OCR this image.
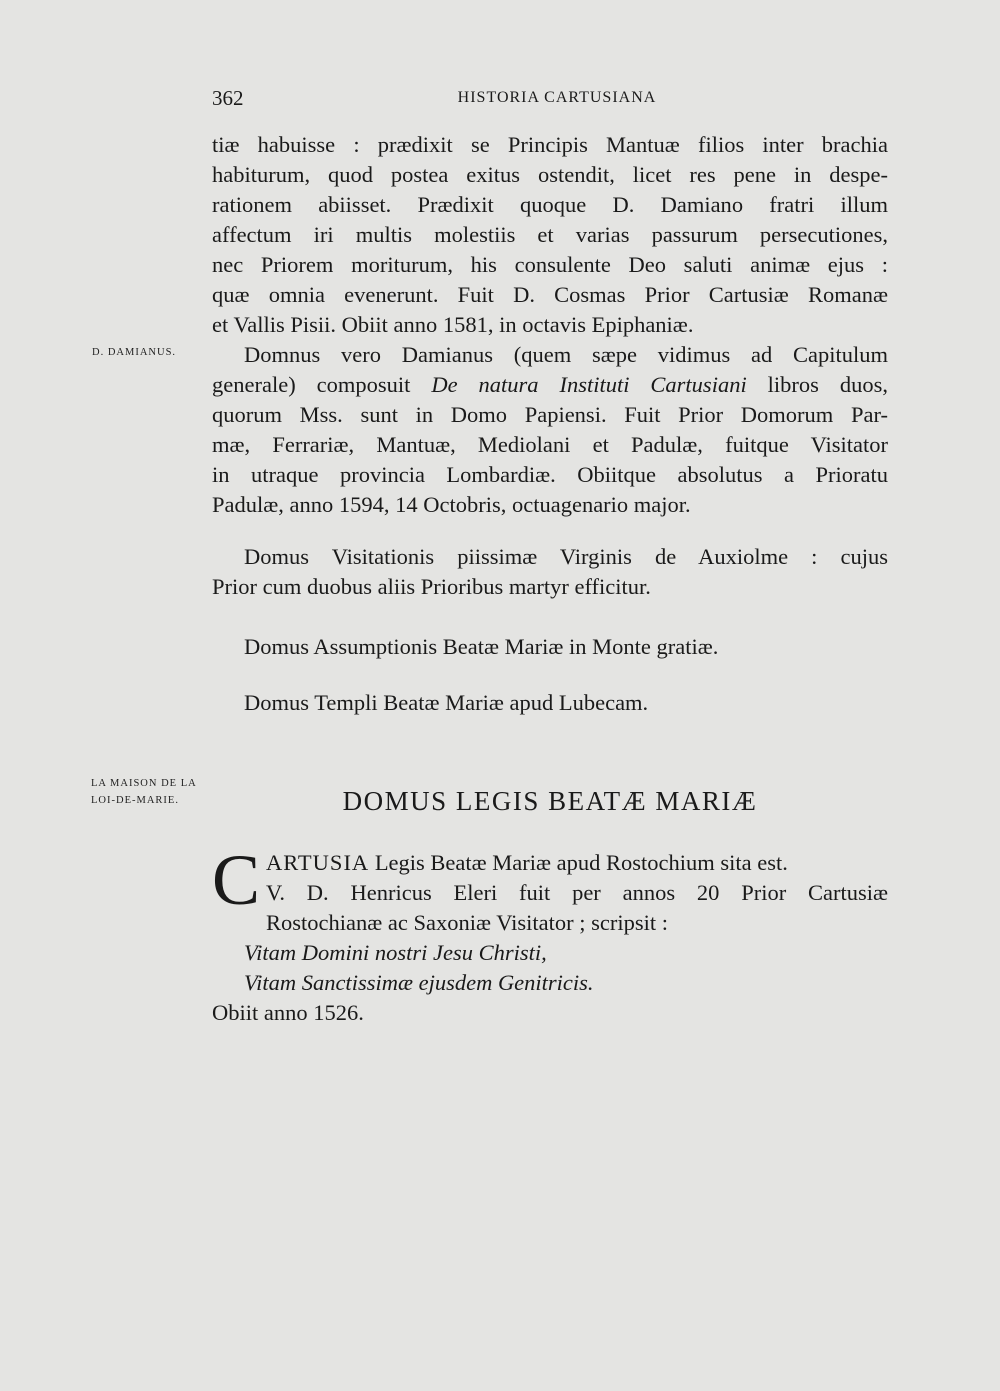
362	HISTORIA CARTUSIANA
tiæ habuisse : prædixit se Principis Mantuæ filios inter brachia
habiturum, quod postea exitus ostendit, licet res pene in despe-
rationem abiisset. Prædixit quoque D. Damiano fratri illum
affectum iri multis molestiis et varias passurum persecutiones,
nec Priorem moriturum, his consulente Deo saluti animæ ejus :
quæ omnia evenerunt. Fuit D. Cosmas Prior Cartusiæ Romanæ
et Vallis Pisii. Obiit anno 1581, in octavis Epiphaniæ.
D. DAMIANUS.	Domnus vero Damianus (quem sæpe vidimus ad Capitulum
generale) composuit De natura Instituti Cartusiani libros duos,
quorum Mss. sunt in Domo Papiensi. Fuit Prior Domorum Par-
mæ, Ferrariæ, Mantuæ, Mediolani et Padulæ, fuitque Visitator
in utraque provincia Lombardiæ. Obiitque absolutus a Prioratu
Padulæ, anno 1594, 14 Octobris, octuagenario major.
Domus Visitationis piissimæ Virginis de Auxiolme : cujus
Prior cum duobus aliis Prioribus martyr efficitur.
Domus Assumptionis Beatæ Mariæ in Monte gratiæ.
Domus Templi Beatæ Mariæ apud Lubecam.
LA MAISON DE LA
LOI-DE-MARIE.	DOMUS LEGIS BEATÆ MARIÆ
C ARTUSIA Legis Beatæ Mariæ apud Rostochium sita est.
V. D. Henricus Eleri fuit per annos 20 Prior Cartusiæ
Rostochianæ ac Saxoniæ Visitator ; scripsit :
Vitam Domini nostri Jesu Christi,
Vitam Sanctissimæ ejusdem Genitricis.
Obiit anno 1526.
